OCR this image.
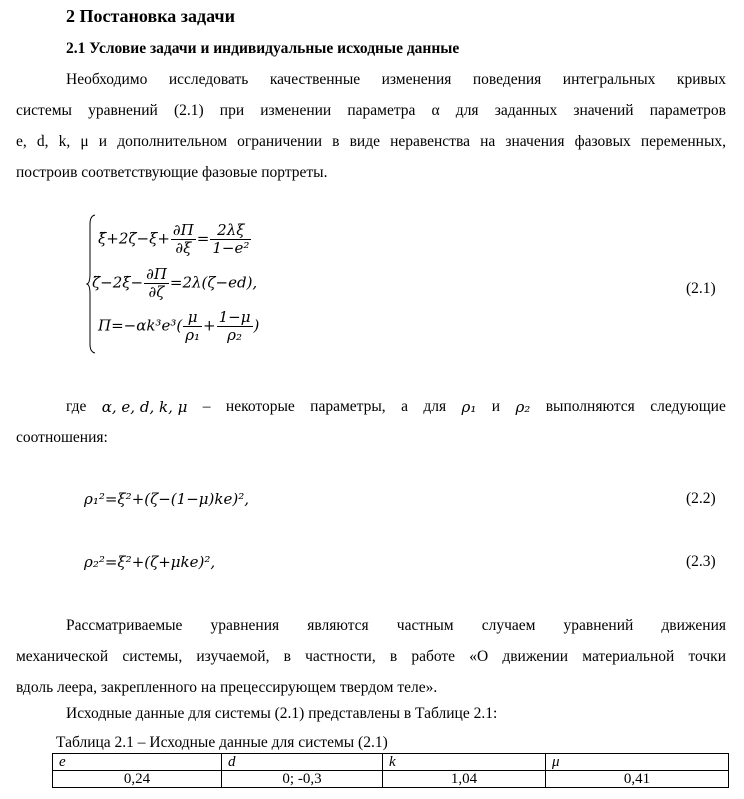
2 Постановка задачи
2.1 Условие задачи и индивидуальные исходные данные
Необходимо исследовать качественные изменения поведения интегральных кривых
системы уравнений (2.1) при изменении параметра α для заданных значений параметров
e, d, k, μ и дополнительном ограничении в виде неравенства на значения фазовых переменных,
построив соответствующие фазовые портреты.
ξ̈+2ζ̇−ξ+ $\frac{\partial\Pi}{\partial\xi} = \frac{2\lambda\xi}{\text{1−e²}}$
ζ̈−2ξ̇− $\frac{\partial\Pi}{\partial\zeta} =2\lambda(\zeta-ed)$,
$\Pi=-\alpha k^3e^3( \frac{\mu}{\text{ρ₁}} + \frac{1-\mu}{\text{ρ₂}}$ )
(2.1)
где α, e, d, k, μ – некоторые параметры, а для ρ₁ и ρ₂ выполняются следующие
соотношения:
ρ₁²=ξ²+(ζ−(1−μ)ke)²,	(2.2)
ρ₂²=ξ²+(ζ+μke)²,	(2.3)
Рассматриваемые уравнения являются частным случаем уравнений движения
механической системы, изучаемой, в частности, в работе «О движении материальной точки
вдоль леера, закрепленного на прецессирующем твердом теле».
Исходные данные для системы (2.1) представлены в Таблице 2.1:
Таблица 2.1 – Исходные данные для системы (2.1)
e	d	k	μ
0,24	0; -0,3	1,04	0,41
